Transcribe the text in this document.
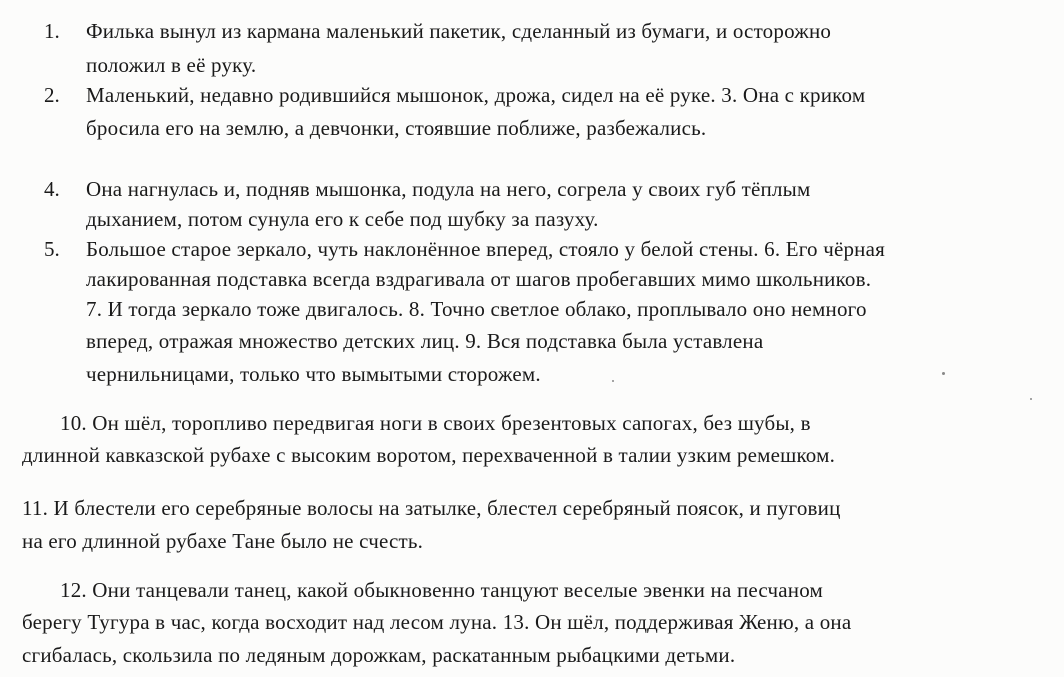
1. Филька вынул из кармана маленький пакетик, сделанный из бумаги, и осторожно
положил в её руку.
2. Маленький, недавно родившийся мышонок, дрожа, сидел на её руке. 3. Она с криком
бросила его на землю, а девчонки, стоявшие поближе, разбежались.
4. Она нагнулась и, подняв мышонка, подула на него, согрела у своих губ тёплым
дыханием, потом сунула его к себе под шубку за пазуху.
5. Большое старое зеркало, чуть наклонённое вперед, стояло у белой стены. 6. Его чёрная
лакированная подставка всегда вздрагивала от шагов пробегавших мимо школьников.
7. И тогда зеркало тоже двигалось. 8. Точно светлое облако, проплывало оно немного
вперед, отражая множество детских лиц. 9. Вся подставка была уставлена
чернильницами, только что вымытыми сторожем.
10. Он шёл, торопливо передвигая ноги в своих брезентовых сапогах, без шубы, в
длинной кавказской рубахе с высоким воротом, перехваченной в талии узким ремешком.
11. И блестели его серебряные волосы на затылке, блестел серебряный поясок, и пуговиц
на его длинной рубахе Тане было не счесть.
12. Они танцевали танец, какой обыкновенно танцуют веселые эвенки на песчаном
берегу Тугура в час, когда восходит над лесом луна. 13. Он шёл, поддерживая Женю, а она
сгибалась, скользила по ледяным дорожкам, раскатанным рыбацкими детьми.
